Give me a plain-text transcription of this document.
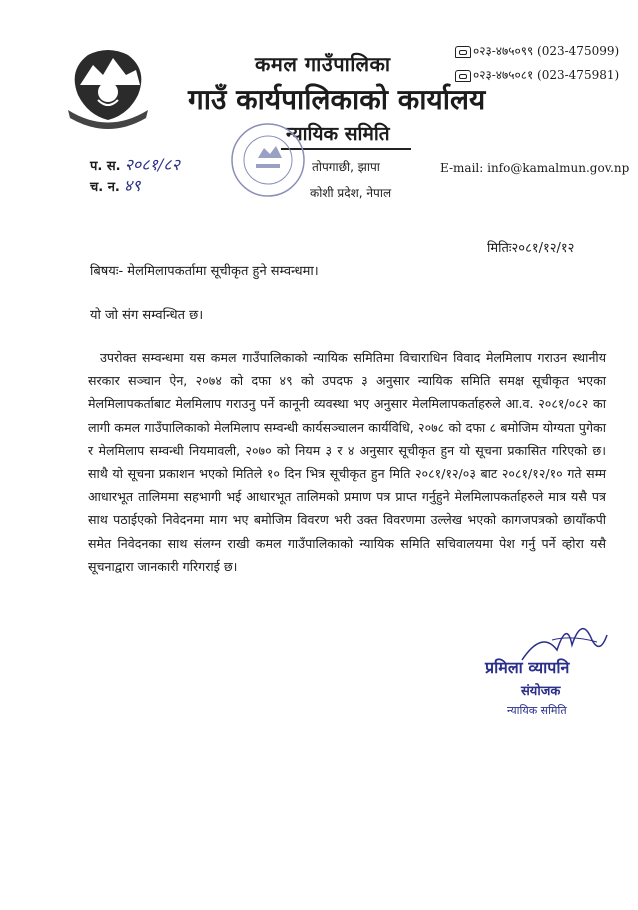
कमल गाउँपालिका
गाउँ कार्यपालिकाको कार्यालय
न्यायिक समिति
०२३-४७५०९९ (023-475099)
०२३-४७५०८१ (023-475981)
प. स. २०८१/८२
च. न. ४९
तोपगाछी, झापा
कोशी प्रदेश, नेपाल
E-mail: info@kamalmun.gov.np
मितिः२०८१/१२/१२
बिषयः- मेलमिलापकर्तामा सूचीकृत हुने सम्वन्धमा।
यो जो संग सम्वन्धित छ।
उपरोक्त सम्वन्धमा यस कमल गाउँपालिकाको न्यायिक समितिमा विचाराधिन विवाद मेलमिलाप गराउन स्थानीय सरकार सञ्चान ऐन, २०७४ को दफा ४९ को उपदफ ३ अनुसार न्यायिक समिति समक्ष सूचीकृत भएका मेलमिलापकर्ताबाट मेलमिलाप गराउनु पर्ने कानूनी व्यवस्था भए अनुसार मेलमिलापकर्ताहरुले आ.व. २०८१/०८२ का लागी कमल गाउँपालिकाको मेलमिलाप सम्वन्धी कार्यसञ्चालन कार्यविधि, २०७८ को दफा ८ बमोजिम योग्यता पुगेका र मेलमिलाप सम्वन्धी नियमावली, २०७० को नियम ३ र ४ अनुसार सूचीकृत हुन यो सूचना प्रकासित गरिएको छ। साथै यो सूचना प्रकाशन भएको मितिले १० दिन भित्र सूचीकृत हुन मिति २०८१/१२/०३ बाट २०८१/१२/१० गते सम्म आधारभूत तालिममा सहभागी भई आधारभूत तालिमको प्रमाण पत्र प्राप्त गर्नुहुने मेलमिलापकर्ताहरुले मात्र यसै पत्र साथ पठाईएको निवेदनमा माग भए बमोजिम विवरण भरी उक्त विवरणमा उल्लेख भएको कागजपत्रको छायाँकपी समेत निवेदनका साथ संलग्न राखी कमल गाउँपालिकाको न्यायिक समिति सचिवालयमा पेश गर्नु पर्ने व्होरा यसै सूचनाद्वारा जानकारी गरिगराई छ।
प्रमिला व्यापनि
संयोजक
न्यायिक समिति
